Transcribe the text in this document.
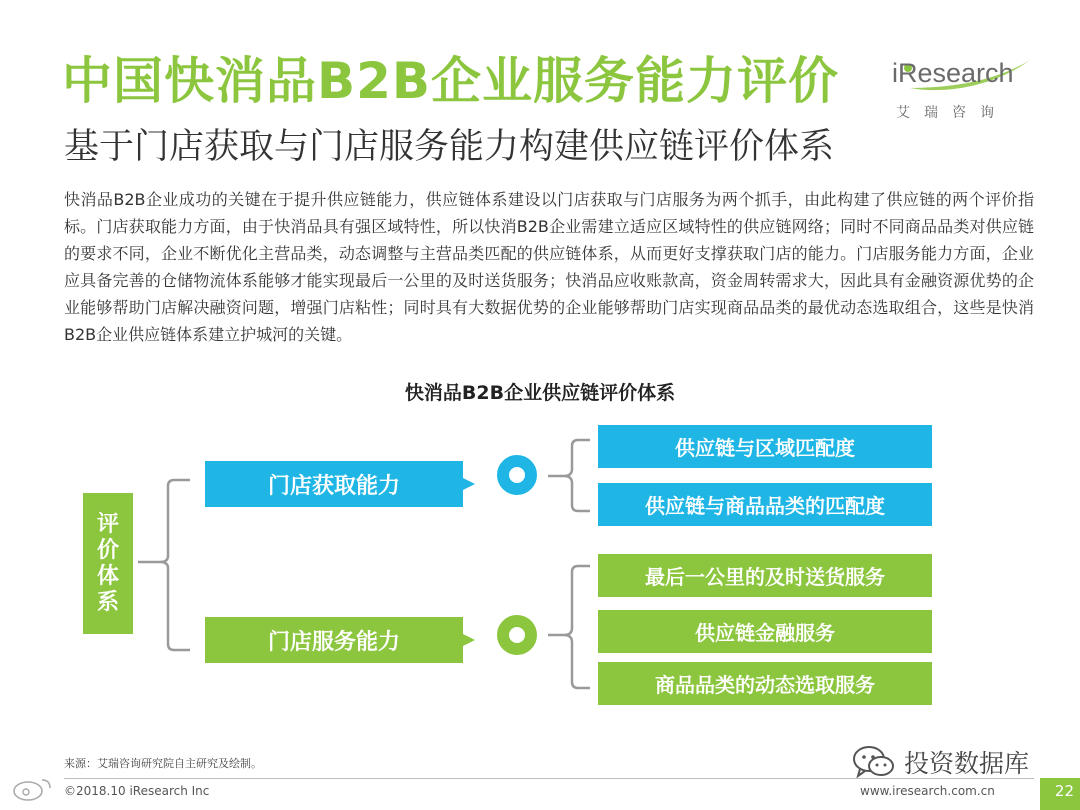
中国快消品B2B企业服务能力评价
基于门店获取与门店服务能力构建供应链评价体系
iResearch
艾瑞咨询
快消品B2B企业成功的关键在于提升供应链能力，供应链体系建设以门店获取与门店服务为两个抓手，由此构建了供应链的两个评价指标。门店获取能力方面，由于快消品具有强区域特性，所以快消B2B企业需建立适应区域特性的供应链网络；同时不同商品品类对供应链的要求不同，企业不断优化主营品类，动态调整与主营品类匹配的供应链体系，从而更好支撑获取门店的能力。门店服务能力方面，企业应具备完善的仓储物流体系能够才能实现最后一公里的及时送货服务；快消品应收账款高，资金周转需求大，因此具有金融资源优势的企业能够帮助门店解决融资问题，增强门店粘性；同时具有大数据优势的企业能够帮助门店实现商品品类的最优动态选取组合，这些是快消B2B企业供应链体系建立护城河的关键。
快消品B2B企业供应链评价体系
评价体系
门店获取能力
门店服务能力
供应链与区域匹配度
供应链与商品品类的匹配度
最后一公里的及时送货服务
供应链金融服务
商品品类的动态选取服务
来源：艾瑞咨询研究院自主研究及绘制。	投资数据库
©2018.10 iResearch Inc	www.iresearch.com.cn	22
